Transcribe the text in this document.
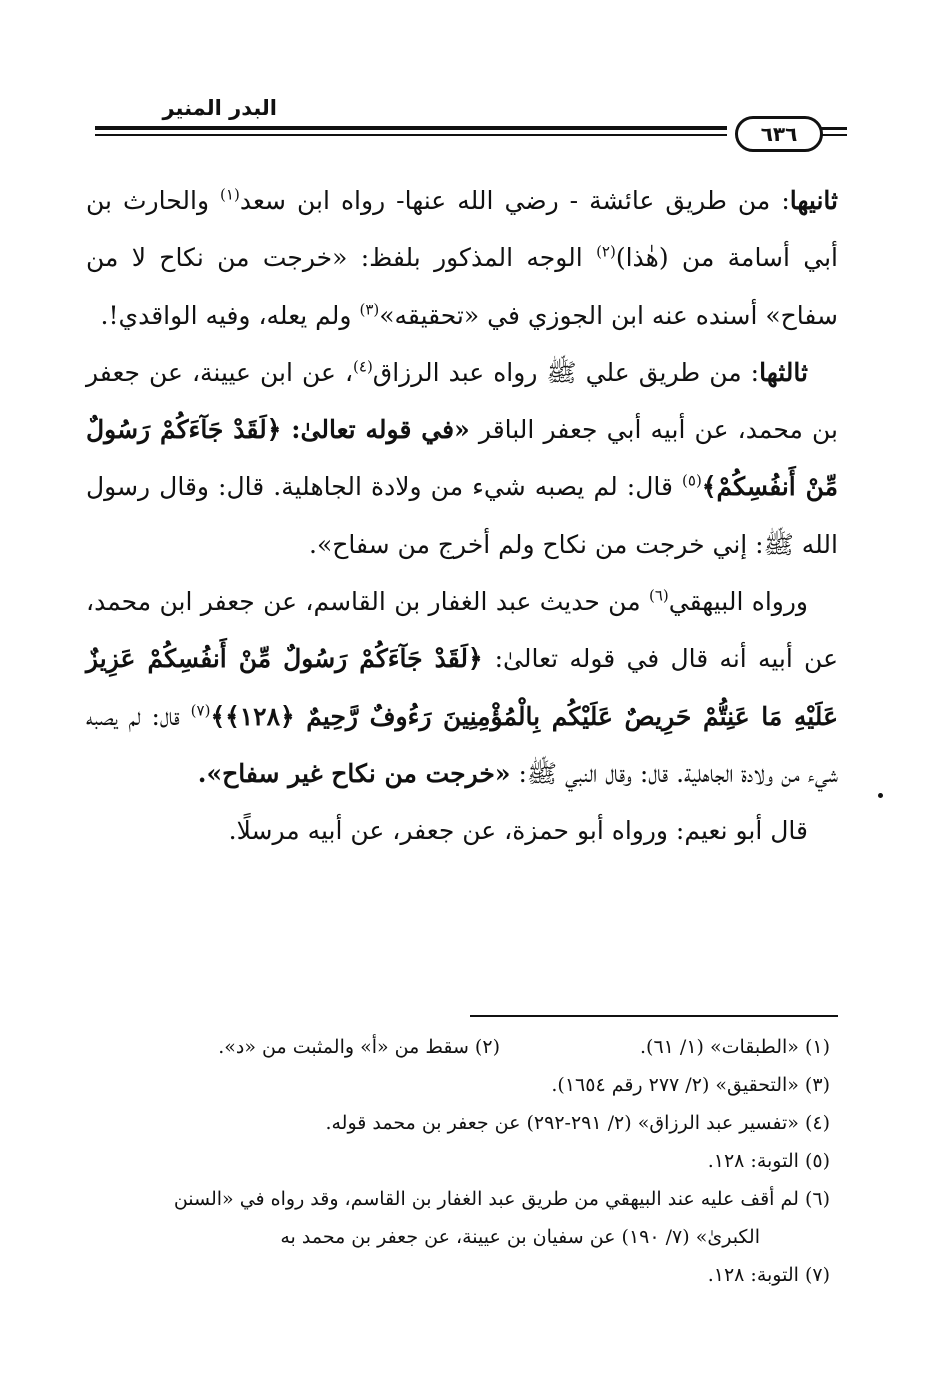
البدر المنير
٦٣٦

ثانيها: من طريق عائشة - رضي الله عنها- رواه ابن سعد$^{(١)}$ والحارث بن أبي أسامة من (هٰذا)$^{(٢)}$ الوجه المذكور بلفظ: «خرجت من نكاح لا من سفاح» أسنده عنه ابن الجوزي في «تحقيقه»$^{(٣)}$ ولم يعله، وفيه الواقدي!.

ثالثها: من طريق علي ﷺ رواه عبد الرزاق$^{(٤)}$، عن ابن عيينة، عن جعفر بن محمد، عن أبيه أبي جعفر الباقر «في قوله تعالىٰ: ﴿لَقَدْ جَآءَكُمْ رَسُولٌ مِّنْ أَنفُسِكُمْ﴾$^{(٥)}$ قال: لم يصبه شيء من ولادة الجاهلية. قال: وقال رسول الله ﷺ: إني خرجت من نكاح ولم أخرج من سفاح».

ورواه البيهقي$^{(٦)}$ من حديث عبد الغفار بن القاسم، عن جعفر ابن محمد، عن أبيه أنه قال في قوله تعالىٰ: ﴿لَقَدْ جَآءَكُمْ رَسُولٌ مِّنْ أَنفُسِكُمْ عَزِيزٌ عَلَيْهِ مَا عَنِتُّمْ حَرِيصٌ عَلَيْكُم بِالْمُؤْمِنِينَ رَءُوفٌ رَّحِيمٌ ﴿١٢٨﴾﴾$^{(٧)}$ قال: لم يصبه شيء من ولادة الجاهلية. قال: وقال النبي ﷺ: «خرجت من نكاح غير سفاح».

قال أبو نعيم: ورواه أبو حمزة، عن جعفر، عن أبيه مرسلًا.

(١) «الطبقات» (١/ ٦١).
(٢) سقط من «أ» والمثبت من «د».
(٣) «التحقيق» (٢/ ٢٧٧ رقم ١٦٥٤).
(٤) «تفسير عبد الرزاق» (٢/ ٢٩١-٢٩٢) عن جعفر بن محمد قوله.
(٥) التوبة: ١٢٨.
(٦) لم أقف عليه عند البيهقي من طريق عبد الغفار بن القاسم، وقد رواه في «السنن
الكبرىٰ» (٧/ ١٩٠) عن سفيان بن عيينة، عن جعفر بن محمد به
(٧) التوبة: ١٢٨.
